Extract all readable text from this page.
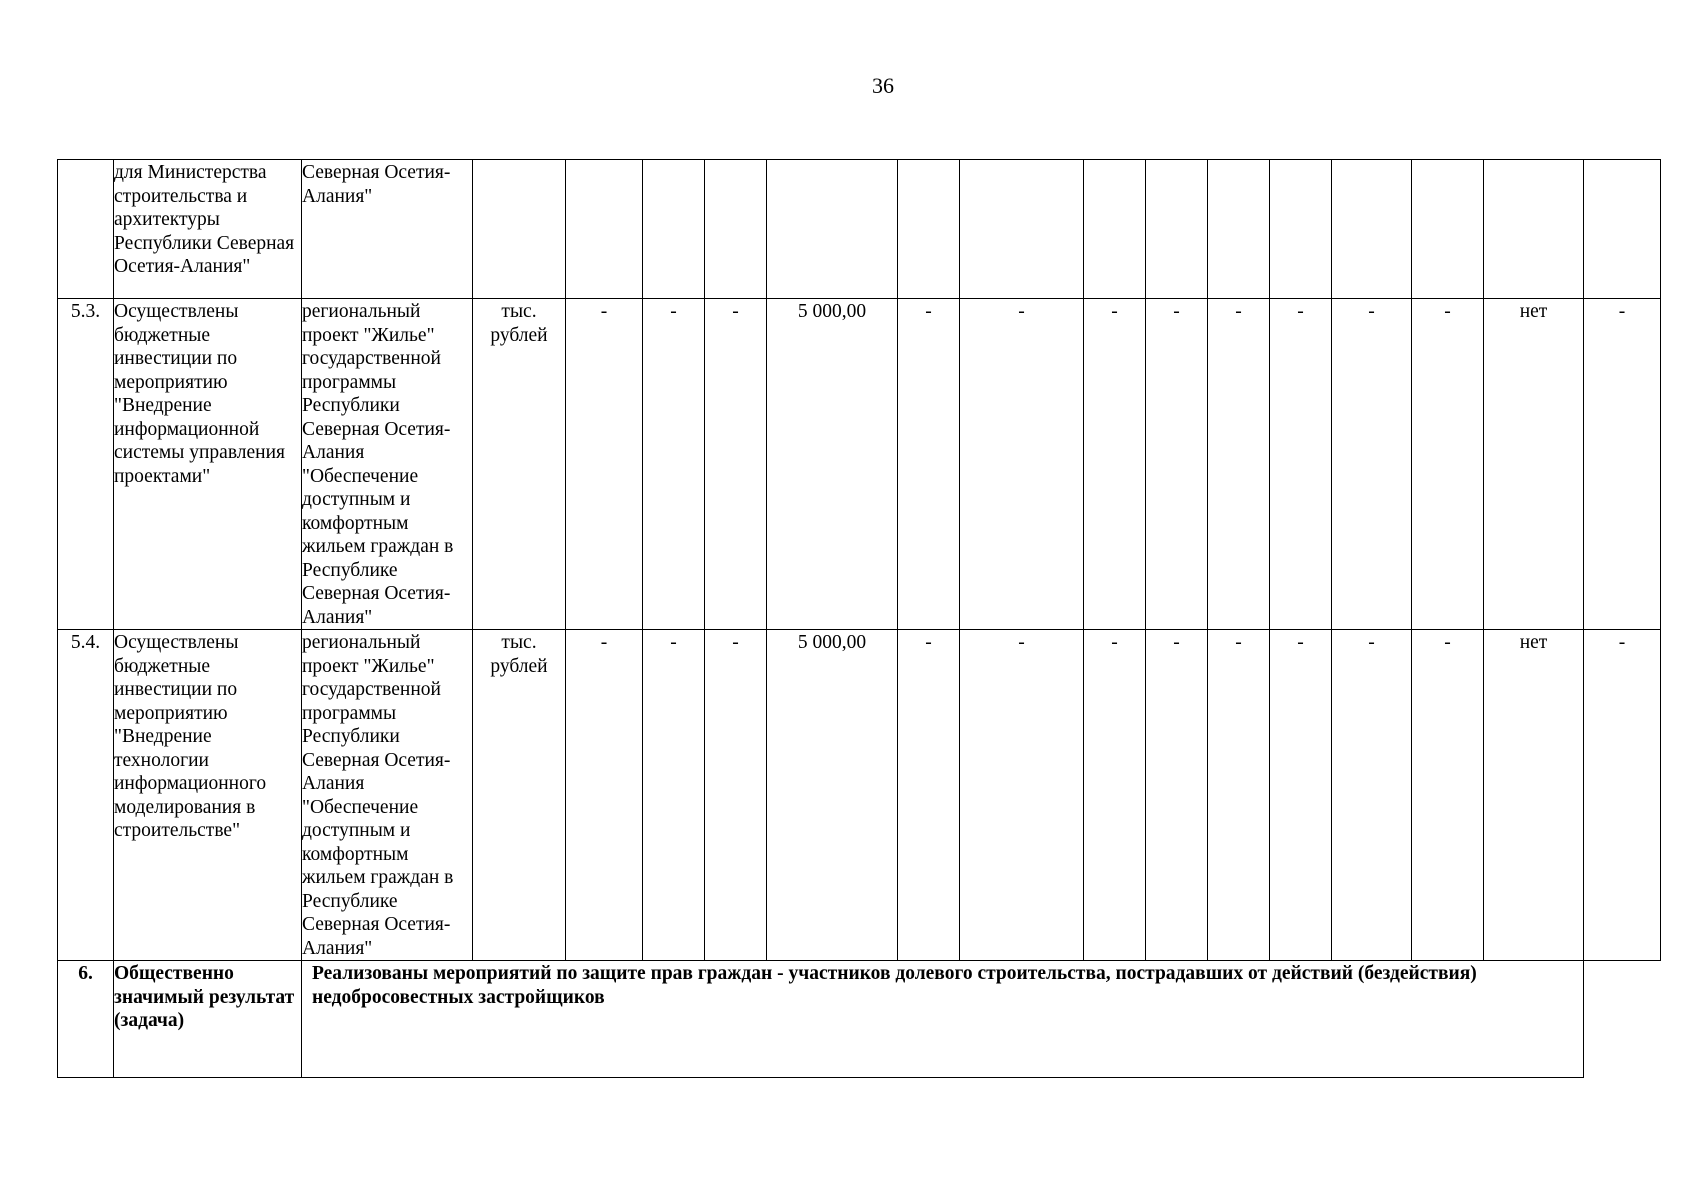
36
	для Министерства строительства и архитектуры Республики Северная Осетия-Алания"	Северная Осетия-Алания"															
5.3.	Осуществлены бюджетные инвестиции по мероприятию "Внедрение информационной системы управления проектами"	региональный проект "Жилье" государственной программы Республики Северная Осетия-Алания "Обеспечение доступным и комфортным жильем граждан в Республике Северная Осетия-Алания"	тыс. рублей	-	-	-	5 000,00	-	-	-	-	-	-	-	-	нет	-
5.4.	Осуществлены бюджетные инвестиции по мероприятию "Внедрение технологии информационного моделирования в строительстве"	региональный проект "Жилье" государственной программы Республики Северная Осетия-Алания "Обеспечение доступным и комфортным жильем граждан в Республике Северная Осетия-Алания"	тыс. рублей	-	-	-	5 000,00	-	-	-	-	-	-	-	-	нет	-
6.	Общественно значимый результат (задача)	Реализованы мероприятий по защите прав граждан - участников долевого строительства, пострадавших от действий (бездействия) недобросовестных застройщиков															
